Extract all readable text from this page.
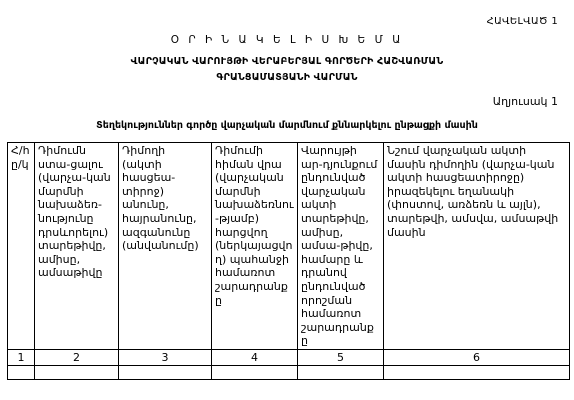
ՀԱՎԵԼՎԱԾ 1
Օ Ր Ի Ն Ա Կ Ե Լ Ի Ս Խ Ե Մ Ա
ՎԱՐՉԱԿԱՆ ՎԱՐՈՒՅԹԻ ՎԵՐԱԲԵՐՅԱԼ ԳՈՐԾԵՐԻ ՀԱՇՎԱՌՄԱՆ
ԳՐԱՆՑԱՄԱՏՅԱՆԻ ՎԱՐՄԱՆ
Աղյուսակ 1
Տեղեկություններ գործը վարչական մարմնում քննարկելու ընթացքի մասին
Հ/հ ը/կ	Դիմումն ստա-ցալու (վարչա-կան մարմնի նախաձեռ-նությունը դրսևորելու) տարեթիվը, ամիսը, ամսաթիվը	Դիմողի (ակտի հասցեա-տիրոջ) անունը, հայրանունը, ազգանունը (անվանումը)	Դիմումի հիման վրա (վարչական մարմնի նախաձեռնու-թյամբ) հարցվող (ներկայացվող) պահանջի համառոտ շարադրանքը	Վարույթի ար-դյունքում ընդունված վարչական ակտի տարեթիվը, ամիսը, ամսա-թիվը, համարը և դրանով ընդունված որոշման համառոտ շարադրանքը	Նշում վարչական ակտի մասին դիմողին (վարչա-կան ակտի հասցեատիրոջը) իրազեկելու եղանակի (փոստով, առձեռն և այլն), տարեթվի, ամսվա, ամսաթվի մասին
1	2	3	4	5	6
